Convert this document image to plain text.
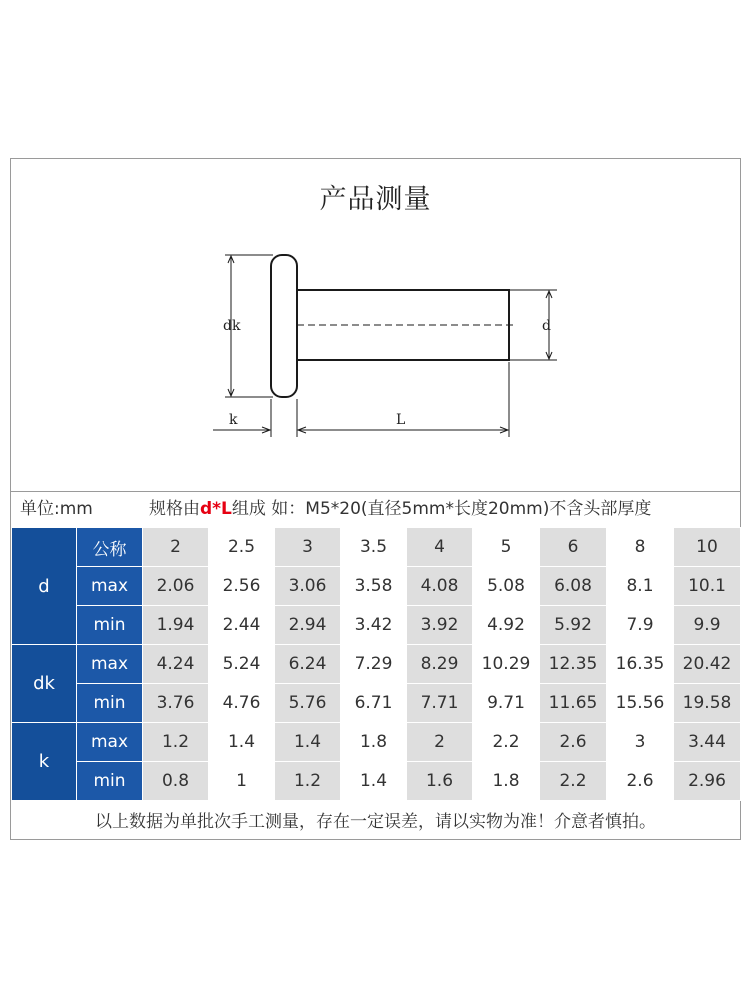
产品测量
dk	d
k	L
单位:mm	规格由d*L组成 如：M5*20(直径5mm*长度20mm)不含头部厚度
d	公称	2	2.5	3	3.5	4	5	6	8	10
	max	2.06	2.56	3.06	3.58	4.08	5.08	6.08	8.1	10.1
	min	1.94	2.44	2.94	3.42	3.92	4.92	5.92	7.9	9.9
dk	max	4.24	5.24	6.24	7.29	8.29	10.29	12.35	16.35	20.42
	min	3.76	4.76	5.76	6.71	7.71	9.71	11.65	15.56	19.58
k	max	1.2	1.4	1.4	1.8	2	2.2	2.6	3	3.44
	min	0.8	1	1.2	1.4	1.6	1.8	2.2	2.6	2.96
以上数据为单批次手工测量，存在一定误差，请以实物为准！介意者慎拍。
